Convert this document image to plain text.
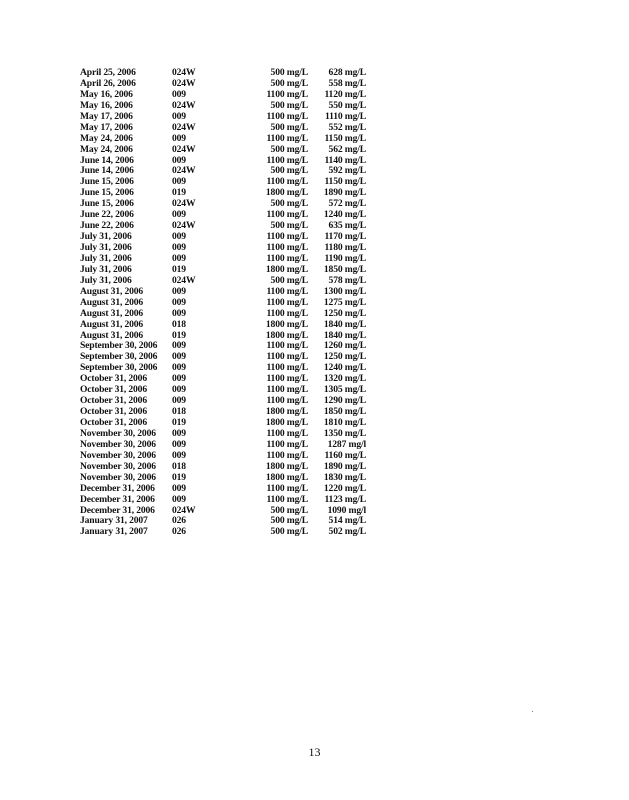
April 25, 2006	024W	500 mg/L	628 mg/L
April 26, 2006	024W	500 mg/L	558 mg/L
May 16, 2006	009	1100 mg/L	1120 mg/L
May 16, 2006	024W	500 mg/L	550 mg/L
May 17, 2006	009	1100 mg/L	1110 mg/L
May 17, 2006	024W	500 mg/L	552 mg/L
May 24, 2006	009	1100 mg/L	1150 mg/L
May 24, 2006	024W	500 mg/L	562 mg/L
June 14, 2006	009	1100 mg/L	1140 mg/L
June 14, 2006	024W	500 mg/L	592 mg/L
June 15, 2006	009	1100 mg/L	1150 mg/L
June 15, 2006	019	1800 mg/L	1890 mg/L
June 15, 2006	024W	500 mg/L	572 mg/L
June 22, 2006	009	1100 mg/L	1240 mg/L
June 22, 2006	024W	500 mg/L	635 mg/L
July 31, 2006	009	1100 mg/L	1170 mg/L
July 31, 2006	009	1100 mg/L	1180 mg/L
July 31, 2006	009	1100 mg/L	1190 mg/L
July 31, 2006	019	1800 mg/L	1850 mg/L
July 31, 2006	024W	500 mg/L	578 mg/L
August 31, 2006	009	1100 mg/L	1300 mg/L
August 31, 2006	009	1100 mg/L	1275 mg/L
August 31, 2006	009	1100 mg/L	1250 mg/L
August 31, 2006	018	1800 mg/L	1840 mg/L
August 31, 2006	019	1800 mg/L	1840 mg/L
September 30, 2006	009	1100 mg/L	1260 mg/L
September 30, 2006	009	1100 mg/L	1250 mg/L
September 30, 2006	009	1100 mg/L	1240 mg/L
October 31, 2006	009	1100 mg/L	1320 mg/L
October 31, 2006	009	1100 mg/L	1305 mg/L
October 31, 2006	009	1100 mg/L	1290 mg/L
October 31, 2006	018	1800 mg/L	1850 mg/L
October 31, 2006	019	1800 mg/L	1810 mg/L
November 30, 2006	009	1100 mg/L	1350 mg/L
November 30, 2006	009	1100 mg/L	1287 mg/l
November 30, 2006	009	1100 mg/L	1160 mg/L
November 30, 2006	018	1800 mg/L	1890 mg/L
November 30, 2006	019	1800 mg/L	1830 mg/L
December 31, 2006	009	1100 mg/L	1220 mg/L
December 31, 2006	009	1100 mg/L	1123 mg/L
December 31, 2006	024W	500 mg/L	1090 mg/l
January 31, 2007	026	500 mg/L	514 mg/L
January 31, 2007	026	500 mg/L	502 mg/L
13
